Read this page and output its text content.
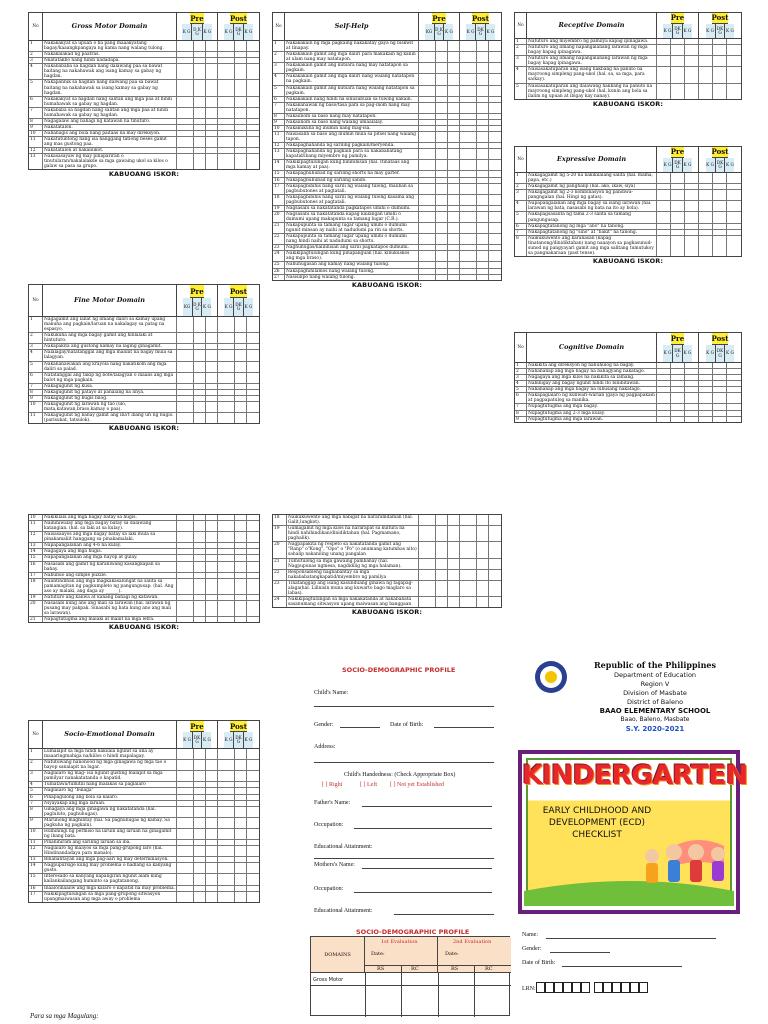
No	Gross Motor Domain
Pre
K G D K G	K G
Post
K G DK G	K G
1	Nakakakyat sa upuan o ba pang maaakyatang bagay/kaaangkpangaya ng kama nang walang tulong.
2	Nakakalakad ng paatras.
3	Nkatatakbo nang hindi nadadapa.
4	Nakabababa sa hagdan nang dalawang paa sa bawat baitang na nakahawak ang isang kamay sa gabay ng hagdan.
5	Nakapanhik sa hagdan nang dalwang paa sa bawat baitang na nakahawak sa isang kamay sa gabay ng hagdan.
6	Nakakakyat sa hagdan nang salitan ang mga paa at hindi humahawak sa gabay ng hagdan.
7	Nakababa sa hagdan nang salitan ang mga paa at hindi humahawak sa gabay ng hagdan.
8	Nagagalaw ang bahagi ng katawan na tinuturo.
9	Nakatatalon.
10	Nahahagis ang bola nang paitaas na may direksyon.
11	Nakatutuntong nang isa hanggang tatlong beses gamit ang mas gustong paa.
12	Nakatatalon at nakalilikot.
13	Nakasasayaw ng may pinapariran o tinutularan/nakalalakde sa mga gawaing ukol sa kilos o galaw sa pasa sa grupo.
KABUOANG ISKOR:
No	Fine Motor Domain
Pre
KG D K G	K G
Post
K G DK G	K G
1	Nagagamit ang lahat ng limang daliri sa kamay upang makuha ang pagkain/laruan na nakalagay sa patag na espasyo.
2	Nakukuha ang mga bagay gamit ang hinlalaki at hintuturo.
3	Nakapakita ang gustong kamay na laging ginagamit.
4	Nalalagay/natatanggal ang mga maliliit na bagay mula sa lalagyan.
5	Nakahahawakan ang krayola nang nakatikom ang mga daliri sa palad.
6	Natatanggal ang takip ng bote/lalagyan o inaalis ang mga balot ng mga pagkain.
7	Nakaguguhit ng kusa.
8	Nakaguguhit ng patayo at pahalang na linya.
9	Nakaguguhit ng bugis bilog.
10	Nakaguguhit ng larawan ng tao (ulo, mata,katawan,braso,kamay o paa).
11	Nakaguguhit ng bahay gamit ang iba't ibang uri ng hugis. (parisukat, tatsulok).
KABUOANG ISKOR:
No	Self-Help
Pre
KG D K G	K G
Post
K G DK G	K G
1	Nakakakain ng mga pagkaing nakakatay gaya ng biskwit at tinapay.
2	Nakakakain gamit ang mga daliri para makakain ng kanin at ulam nang may natatapon.
3	Nakakakain gamit ang kutsara nang may natatapon sa pagkain.
4	Nakakakain gamit ang mga daliri nang walang natatapon na pagkain.
5	Nakakakain gamit ang kutsara nang walang natatapon sa pagkain.
6	Nakakakain nang hindi na sinusubuan sa tuwing kakain.
7	Nakakahawak ng baso/tasa para sa pag-inom nang may natatapon.
8	Nakaiinom sa baso nang may natatapon.
9	Nakaiinom sa baso nang walang umaalalay.
10	Nakakukuha ng inumin nang mag-isa.
11	Naisasalin sa baso ang inumin mula sa pitsel nang walang tapon.
12	Nakapaghahanda ng sariling pagkain/meryenda.
13	Nakapaghahanda ng pagkain para sa nakababatang kapatid/ibang miyembro ng pamilya.
14	Nakikipagtulungan kung binibihisan (hal. Itinataas ang mga kamay at paa).
15	Nakapaghuhubad ng sariling shorts na may garter.
16	Nakapaghuhubad ng sariling sando.
17	Nakapagbibihis nang sarili ng walang tulong, maliban sa pagbubutones at pagtatali.
18	Nakapagbibihis nang sarili ng walang tulong kasama ang pagbubutones at pagtatali.
19	Nagsasabi sa nakatatanda pagkatapos umihi o dumumi.
20	Nagsasabi sa nakatatanda kapag kailangan umihi o dumumi upang makapunta sa tamang lugar (C.R.).
21	Nakapupunta sa tamang lugar upang umihi o dumumi ngunit minsan ay naihi at nadudumi pa rin sa shorts.
22	Nakapupunta sa tamang lugar upang umihi o dumumi nang hindi naihi at nadudumi sa shorts.
23	Naghuhugas/nalilinisan ang sarili pagkatapos dumumi.
24	Nakikipagtulungan kung pinapaliguan (hal. kinukuskos ang mga braso).
25	Nahuhugasan ang kamay nang walang tulong.
26	Nakapaghihilamos nang walang tulong.
27	Nasisilipo nang walang tulong.
KABUOANG ISKOR:
No	Receptive Domain
Pre
K G DK G	K G
Post
K G DK G	K G
1	Natuturo ang miyembro ng pamilya kapag ipinagawa.
2	Natuturo ang limang napangalanang larawan ng mga bagay kapag ipinagawa.
3	Natuturo ang limang napangalanang larawan ng mga bagay kapag ipinagawa.
4	Naisasakatuparan ang isang hakbang na panuto na mayroong simpleng pang-ukol (hal. sa, sa mga, para sa/kay).
5	Naisasakatuparan ang dalawang hakbang na panuto na mayroong simpleng pang-ukol (hal. kunin ang bola sa ilalim ng upuan at ibigay kay nanay).
KABUOANG ISKOR:
No	Expressive Domain
Pre
K G DK G	K G
Post
K G DK G	K G
1	Nakagagamit ng 5-20 na nakikilalang salita (hal. mama, papa, etc.)
2	Nakagagamit ng panghalip (hal. ako, ikaw, siya)
3	Nakagagamit ng 2-3 kombinasyon ng pandiwa-pangngalan (hal. Hingi ng gatas).
4	Napapangalanan ang mga bagay sa isang larawan (hal. larawan ng bata, nasasabi ng bata na ito ay bola).
5	Nakapagsasalita ng tama 2-3 salita sa tamang pangungusap.
6	Nakapagtatanong ng mga "ano" na tanong.
7	Nakapagtatanong ng "sino" at "bakit" na tanong.
8	Naikukuwento ang karanasan (kapag tinatanong/dinidiktahan) nang naaayon sa pagkasunud-sunod ng pangyayari gamit ang mga salitang tumutukoy sa pangnakaraan (past tense).
KABUOANG ISKOR:
No	Cognitive Domain
Pre
K G DK G	K G
Post
K G DK G	K G
1	Nakikita ang direksyon ng nahuhulog na bagay.
2	Nahahanap ang mga bagay na bahagyang nakatago.
3	Nagagaya ang mga kilos na nakikita sa lamang.
4	Nabibigay ang bagay ngunit hindi ito binibitawan.
5	Nahahanap ang mga bagay na lubusang nakatago.
6	Nakapaglalaro ng kunwari-warian (gaya ng pagpapakain at pagpapatulog sa manika.
7	Nupagtutugma ang mga bagay.
8	Nupagtutugma ang 2-3 mga kulay.
9	Nupagtutugma ang mga larawan.
10	Nakikilala ang mga bagay batay sa hugis.
11	Naihihiwalay ang mga bagay batay sa dalawang katangian. (hal. sa laki at sa kulay).
12	Naisasaayos ang mga bagay batay sa laki mula sa pinakamaliit hanggang sa pinakamalaki.
13	Napapangalanan ang 4-6 na kulay.
14	Nagagaya ang mga hugis.
15	Napapangalanan ang mga hayop at gulay.
16	Nasasabi ang gamit ng karaniwang kasangkapan sa bahay.
17	Nabubuo ang simple puzzle.
18	Naiintindihan ang mga magkakasalungat na salita sa pamamagitan ng pagkumpleto ng pangungusap. (hal. Ang aso ay malaki, ang daga ay ______).
19	Natuturo ang kaliwa at kanang bahagi ng katawan.
20	Nasasabi kung ano ang mali sa larawan (hal. larawan ng pusang may pakpak. Sinasabi ng bata kung ano ang mali sa larawan).
21	Napagtutugma ang malaki at maliit na mga letra.
KABUOANG ISKOR:
No	Socio-Emotional Domain
Pre
K G DK G	K G
Post
K G DK G	K G
1	Lumalapit sa mga hindi kakilala ngunit sa una ay maaaringmahiga na/kiilos o hindi mapalagay.
2	Natutuwang nanonood ng mga ginagawa ng mga tao o hayop sanalapit na lugar.
3	Naglalaro ng mag- isa ngunit gusting malapit sa mga pamilyar nanakatatanda o kapatid.
4	Tumatawa/tumitili nang malakas sa paglalaro
5	Naglalaro ng "bulaga"
6	Pinapagulong ang bola sa kalaro.
7	Niyayakap ang mga laruan.
8	Ginagaya ang mga ginagawa ng nakatatanda (hal. pagluluto, paghuhugas).
9	Marunong maghintay (hal. Sa paghuhugas ng kamay. Sa pagkuha ng pagkain).
10	Humihingi ng permiso na laruin ang laruan na ginagamit ng ibang bata.
11	Pinahihiram ang sariling laruan sa iba.
12	Naglalaro ng maayos sa mga pang-grupong laro (hal. Hindinandadaya para manalo).
13	Binabantayan ang mga pag-aari ng may determinasyon.
14	Nagpupursige kung may problema o hadlang sa kanyang gusto.
15	Interesado sa kanyang kapaligiran ngunit alam kung kailankailangang huminto sa pagtatanong.
16	Inaalo/inaaliw ang mga kalaro o kapatid na may problema.
17	Nakikipagtulungan sa mga pang-grupong sitwasyon upangmaiwasan ang mga away o problema
Para sa mga Magulang:
18	Naikukuwento ang mga nabigat na nararamdaman (hal. Galit,lungkot).
19	Gumagamit ng mga kilos na nararapat sa kultura na hindi nahihindikan/dinidiktahan (hal. Pagmamano, paghalik).
20	Nagpapakita ng respeto sa nakatatanda gamit ang "Ranp" o"Kong", "Opo" o "Po" (o anumang katumbas nito) sahalip nakaniling unang pangalan
21	Tumutulong sa mga gawaing pambahay (hal. Nagpupunas ngmesa, nagdidilig ng mga halaman).
22	Responsableng nagbabantay sa mga nakababatangkapatid/miyembro ng pamilya
23	Tinatanggap ang isang kasunduang ginawa ng tagapag-alaga(hal. Lilinisin muna ang kuwarto bago maglaro sa labas).
24	Nakikipagtulungan sa mga nakakatanda at nakababata sasanumang sitwasyon upang maiwasan ang banggaan
KABUOANG ISKOR:
SOCIO-DEMOGRAPHIC PROFILE
Child's Name:
Gender:	Date of Birth:
Address:
Child's Handedness: (Check Appropriate Box)
[ ] Right	[ ] Left [ ] Not yet Established
Father's Name:
Occupation:
Educational Attainment:
Mothers's Name:
Occupation:
Educational Attainment:
SOCIO-DEMOGRAPHIC PROFILE
DOMAINS
1st Evaluation	2nd Evaluation
Date:	Date:
RS	RC	RS	RC
Gross Motor
Republic of the Philippines
Department of Education
Region V
Division of Masbate
District of Baleno
BAAO ELEMENTARY SCHOOL
Baao, Baleno, Masbate
S.Y. 2020-2021
KINDERGARTEN
EARLY CHILDHOOD AND
DEVELOPMENT (ECD)
CHECKLIST
Name:
Gender:
Date of Birth:
LRN:
